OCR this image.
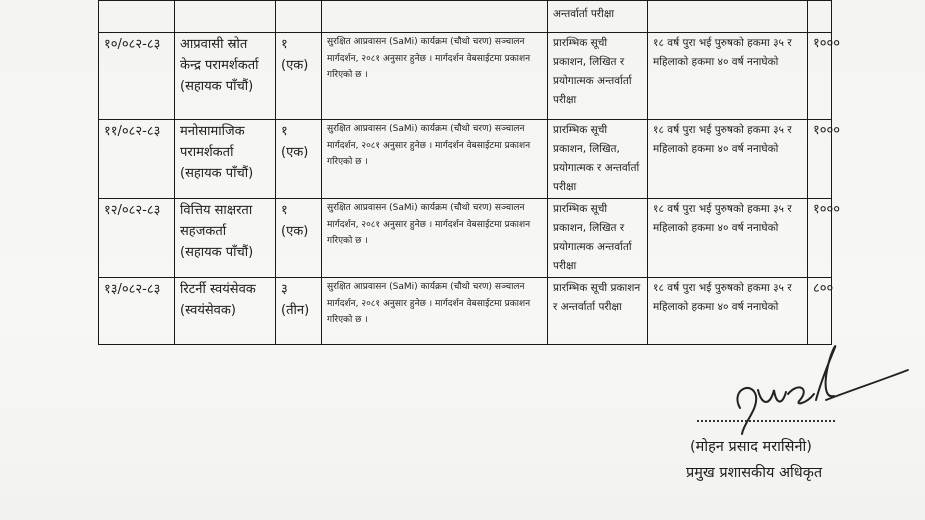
				अन्तर्वार्ता परीक्षा		
१०/०८२-८३	आप्रवासी स्रोत केन्द्र परामर्शकर्ता (सहायक पाँचौं)	१ (एक)	सुरक्षित आप्रवासन (SaMi) कार्यक्रम (चौथो चरण) सञ्चालन मार्गदर्शन, २०८१ अनुसार हुनेछ । मार्गदर्शन वेबसाईटमा प्रकाशन गरिएको छ ।	प्रारम्भिक सूची प्रकाशन, लिखित र प्रयोगात्मक अन्तर्वार्ता परीक्षा	१८ वर्ष पुरा भई पुरुषको हकमा ३५ र महिलाको हकमा ४० वर्ष ननाघेको	१०००
११/०८२-८३	मनोसामाजिक परामर्शकर्ता (सहायक पाँचौं)	१ (एक)	सुरक्षित आप्रवासन (SaMi) कार्यक्रम (चौथो चरण) सञ्चालन मार्गदर्शन, २०८१ अनुसार हुनेछ । मार्गदर्शन वेबसाईटमा प्रकाशन गरिएको छ ।	प्रारम्भिक सूची प्रकाशन, लिखित, प्रयोगात्मक र अन्तर्वार्ता परीक्षा	१८ वर्ष पुरा भई पुरुषको हकमा ३५ र महिलाको हकमा ४० वर्ष ननाघेको	१०००
१२/०८२-८३	वित्तिय साक्षरता सहजकर्ता (सहायक पाँचौं)	१ (एक)	सुरक्षित आप्रवासन (SaMi) कार्यक्रम (चौथो चरण) सञ्चालन मार्गदर्शन, २०८१ अनुसार हुनेछ । मार्गदर्शन वेबसाईटमा प्रकाशन गरिएको छ ।	प्रारम्भिक सूची प्रकाशन, लिखित र प्रयोगात्मक अन्तर्वार्ता परीक्षा	१८ वर्ष पुरा भई पुरुषको हकमा ३५ र महिलाको हकमा ४० वर्ष ननाघेको	१०००
१३/०८२-८३	रिटर्नी स्वयंसेवक (स्वयंसेवक)	३ (तीन)	सुरक्षित आप्रवासन (SaMi) कार्यक्रम (चौथो चरण) सञ्चालन मार्गदर्शन, २०८१ अनुसार हुनेछ । मार्गदर्शन वेबसाईटमा प्रकाशन गरिएको छ ।	प्रारम्भिक सूची प्रकाशन र अन्तर्वार्ता परीक्षा	१८ वर्ष पुरा भई पुरुषको हकमा ३५ र महिलाको हकमा ४० वर्ष ननाघेको	८००
(मोहन प्रसाद मरासिनी)
प्रमुख प्रशासकीय अधिकृत
